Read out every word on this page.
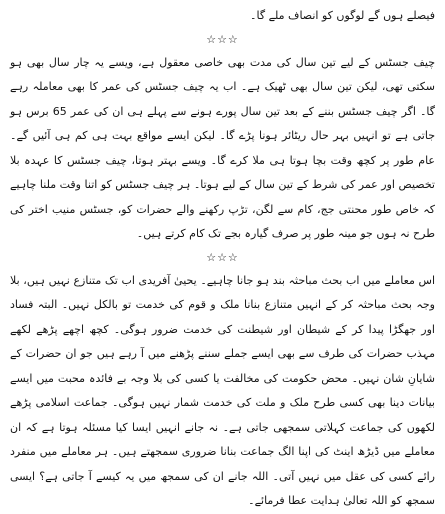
فیصلے ہوں گے لوگوں کو انصاف ملے گا۔

☆☆☆

چیف جسٹس کے لیے تین سال کی مدت بھی خاصی معقول ہے، ویسے یہ چار سال بھی ہو سکتی تھی، لیکن تین سال بھی ٹھیک ہے۔ اب یہ چیف جسٹس کی عمر کا بھی معاملہ رہے گا۔ اگر چیف جسٹس بننے کے بعد تین سال پورے ہونے سے پہلے ہی ان کی عمر 65 برس ہو جاتی ہے تو انہیں بہر حال ریٹائر ہونا پڑے گا۔ لیکن ایسے مواقع بہت ہی کم ہی آئیں گے۔ عام طور پر کچھ وقت بچا ہوتا ہی ملا کرے گا۔ ویسے بہتر ہوتا، چیف جسٹس کا عہدہ بلا تخصیص اور عمر کی شرط کے تین سال کے لیے ہوتا۔ ہر چیف جسٹس کو اتنا وقت ملنا چاہیے کہ خاص طور محنتی جج، کام سے لگن، تڑپ رکھنے والے حضرات کو، جسٹس منیب اختر کی طرح نہ ہوں جو مینہ طور پر صرف گیارہ بجے تک کام کرتے ہیں۔

☆☆☆

اس معاملے میں اب بحث مباحثہ بند ہو جانا چاہیے۔ یحییٰ آفریدی اب تک متنازع نہیں ہیں، بلا وجہ بحث مباحثہ کر کے انہیں متنازع بنانا ملک و قوم کی خدمت تو بالکل نہیں۔ البتہ فساد اور جھگڑا پیدا کر کے شیطان اور شیطنت کی خدمت ضرور ہوگی۔ کچھ اچھے پڑھے لکھے مہذب حضرات کی طرف سے بھی ایسے جملے سننے پڑھنے میں آ رہے ہیں جو ان حضرات کے شایانِ شان نہیں۔ محض حکومت کی مخالفت یا کسی کی بلا وجہ بے فائدہ محبت میں ایسے بیانات دینا بھی کسی طرح ملک و ملت کی خدمت شمار نہیں ہوگی۔ جماعت اسلامی پڑھے لکھوں کی جماعت کہلاتی سمجھی جاتی ہے۔ نہ جانے انہیں ایسا کیا مسئلہ ہوتا ہے کہ ان معاملے میں ڈیڑھ اینٹ کی اپنا الگ جماعت بنانا ضروری سمجھتے ہیں۔ ہر معاملے میں منفرد رائے کسی کی عقل میں نہیں آتی۔ اللہ جانے ان کی سمجھ میں یہ کیسے آ جاتی ہے؟ ایسی سمجھ کو اللہ تعالیٰ ہدایت عطا فرمائے۔
